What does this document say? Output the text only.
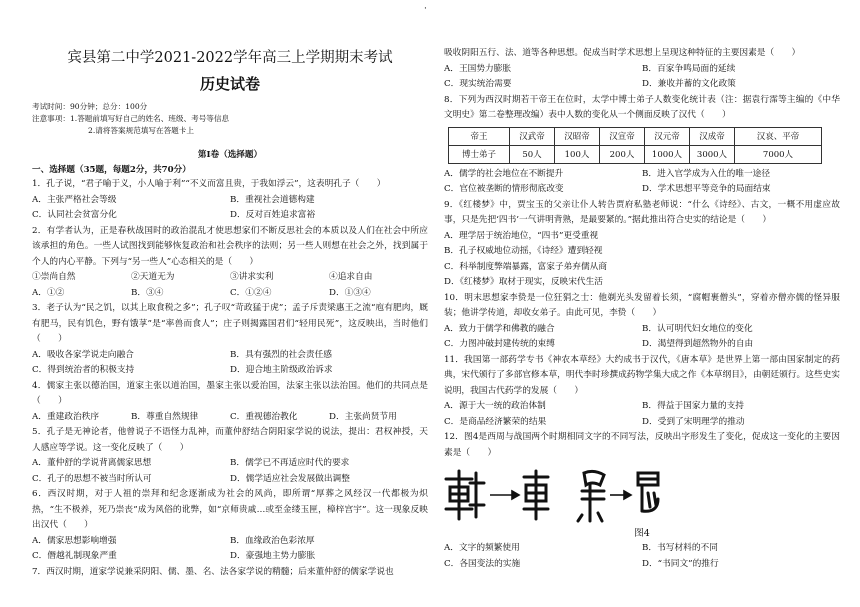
·
宾县第二中学2021-2022学年高三上学期期末考试
历史试卷
考试时间：90分钟；总分：100分
注意事项：1.答题前填写好自己的姓名、班级、考号等信息
2.请将答案规范填写在答题卡上
第Ⅰ卷（选择题）
一、选择题（35题，每题2分，共70分）

1．孔子说，“君子喻于义，小人喻于利”“不义而富且贵，于我如浮云”，这表明孔子（　　）

A．主张严格社会等级	B．重视社会道德构建
C．认同社会贫富分化	D．反对百姓追求富裕

2．有学者认为，正是春秋战国时的政治混乱才使思想家们不断反思社会的本质以及人们在社会中所应该承担的角色。一些人试图找到能够恢复政治和社会秩序的法则；另一些人则想在社会之外，找到属于个人的内心平静。下列与“另一些人”心态相关的是（　　）

①崇尚自然	②天道无为	③讲求实利	④追求自由
A．①②	B．③④	C．①②④	D．①③④

3．老子认为“民之饥，以其上取食税之多”；孔子叹“苛政猛于虎”；孟子斥责梁惠王之流“庖有肥肉，厩有肥马，民有饥色，野有饿莩”是“率兽而食人”；庄子则揭露国君们“轻用民死”，这反映出，当时他们（　　）

A．吸收各家学说走向融合	B．具有强烈的社会责任感
C．得到统治者的积极支持	D．迎合地主阶级政治诉求

4．儒家主张以德治国，道家主张以道治国，墨家主张以爱治国，法家主张以法治国。他们的共同点是（　　）

A．重建政治秩序	B．尊重自然规律	C．重视德治教化	D．主张尚贤节用

5．孔子是无神论者，他曾说子不语怪力乱神，而董仲舒结合阴阳家学说的说法，提出：君权神授，天人感应等学说。这一变化反映了（　　）

A．董仲舒的学说背离儒家思想	B．儒学已不再适应时代的要求
C．孔子的思想不被当时所认可	D．儒学适应社会发展做出调整

6．西汉时期，对于人祖的崇拜和纪念逐渐成为社会的风尚，即所谓“厚葬之风经汉一代都极为炽热，“生不极养，死乃崇丧”成为风俗的讹弊，如“京师贵戚…或至金缕玉匣，樟梓宫宇”。这一现象反映出汉代（　　）

A．儒家思想影响增强	B．血缘政治色彩浓厚
C．僭越礼制现象严重	D．豪强地主势力膨胀

7．西汉时期，道家学说兼采阴阳、儒、墨、名、法各家学说的精髓；后来董仲舒的儒家学说也

吸收阴阳五行、法、道等各种思想。促成当时学术思想上呈现这种特征的主要因素是（　　）

A．王国势力膨胀	B．百家争鸣局面的延续
C．现实统治需要	D．兼收并蓄的文化政策

8．下列为西汉时期若干帝王在位时，太学中博士弟子人数变化统计表（注：据袁行霈等主编的《中华文明史》第二卷整理改编）表中人数的变化从一个侧面反映了汉代（　　）

帝王	汉武帝	汉昭帝	汉宣帝	汉元帝	汉成帝	汉哀、平帝
博士弟子	50人	100人	200人	1000人	3000人	7000人
A．儒学的社会地位在不断提升	B．进入官学成为入仕的唯一途径
C．官位被垄断的情形彻底改变	D．学术思想平等竞争的局面结束

9．《红楼梦》中，贾宝玉的父亲让仆人转告贾府私塾老师说：“什么《诗经》、古文，一概不用虚应故事，只是先把‘四书’一气讲明背熟，是最要紧的。”据此推出符合史实的结论是（　　）

A．理学居于统治地位，“四书”更受重视
B．孔子权威地位动摇，《诗经》遭到轻视
C．科举制度弊端暴露，富家子弟弃儒从商
D．《红楼梦》取材于现实，反映宋代生活

10．明末思想家李贽是一位狂狷之士：他剃光头发留着长须，“腐帽裹僧头”，穿着亦僧亦儒的怪异服装；他讲学传道，却收女弟子。由此可见，李贽（　　）

A．致力于儒学和佛教的融合	B．认可明代妇女地位的变化
C．力图冲破封建传统的束缚	D．渴望得到超然物外的自由

11．我国第一部药学专书《神农本草经》大约成书于汉代，《唐本草》是世界上第一部由国家制定的药典，宋代颁行了多部官修本草，明代李时珍撰成药物学集大成之作《本草纲目》，由朝廷颁行。这些史实说明，我国古代药学的发展（　　）

A．源于大一统的政治体制	B．得益于国家力量的支持
C．是商品经济繁荣的结果	D．受到了宋明理学的推动

12．图4是西周与战国两个时期相同文字的不同写法，反映出字形发生了变化，促成这一变化的主要因素是（　　）

图4
A．文字的频繁使用	B．书写材料的不同
C．各国变法的实施	D．“书同文”的推行
